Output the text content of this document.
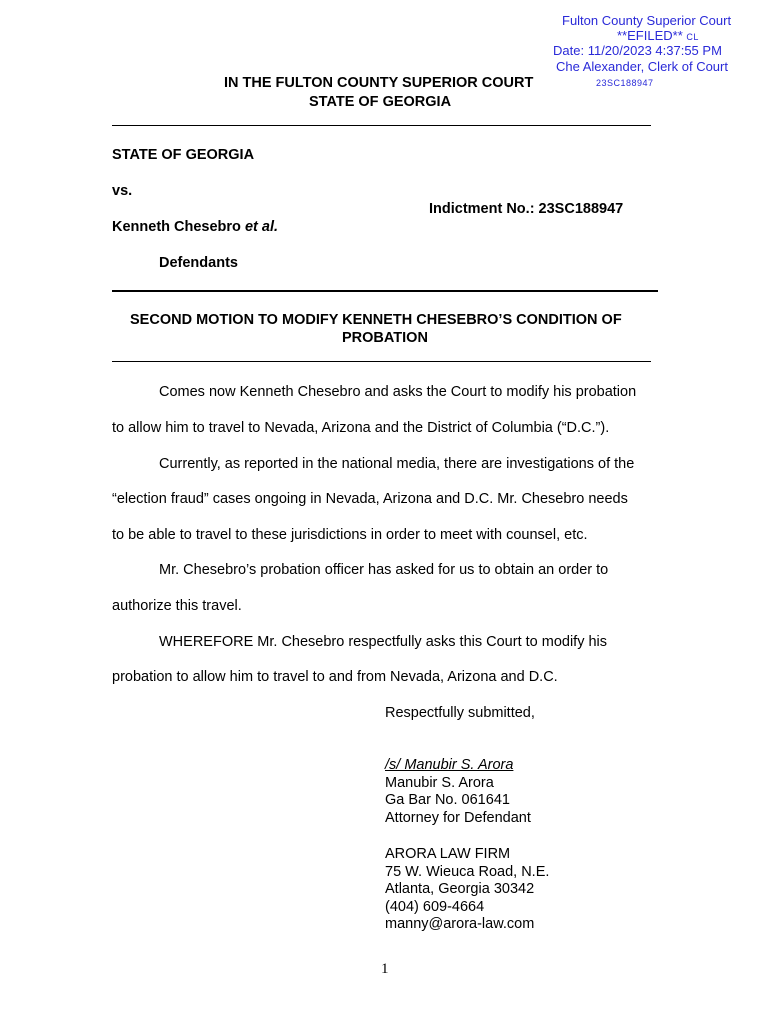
Fulton County Superior Court
**EFILED** CL
Date: 11/20/2023 4:37:55 PM
Che Alexander, Clerk of Court
23SC188947
IN THE FULTON COUNTY SUPERIOR COURT
STATE OF GEORGIA
STATE OF GEORGIA
vs.
Indictment No.: 23SC188947
Kenneth Chesebro et al.
Defendants
SECOND MOTION TO MODIFY KENNETH CHESEBRO’S CONDITION OF
PROBATION
Comes now Kenneth Chesebro and asks the Court to modify his probation
to allow him to travel to Nevada, Arizona and the District of Columbia (“D.C.”).
Currently, as reported in the national media, there are investigations of the
“election fraud” cases ongoing in Nevada, Arizona and D.C. Mr. Chesebro needs
to be able to travel to these jurisdictions in order to meet with counsel, etc.
Mr. Chesebro’s probation officer has asked for us to obtain an order to
authorize this travel.
WHEREFORE Mr. Chesebro respectfully asks this Court to modify his
probation to allow him to travel to and from Nevada, Arizona and D.C.
Respectfully submitted,
/s/ Manubir S. Arora
Manubir S. Arora
Ga Bar No. 061641
Attorney for Defendant
ARORA LAW FIRM
75 W. Wieuca Road, N.E.
Atlanta, Georgia 30342
(404) 609-4664
manny@arora-law.com
1
